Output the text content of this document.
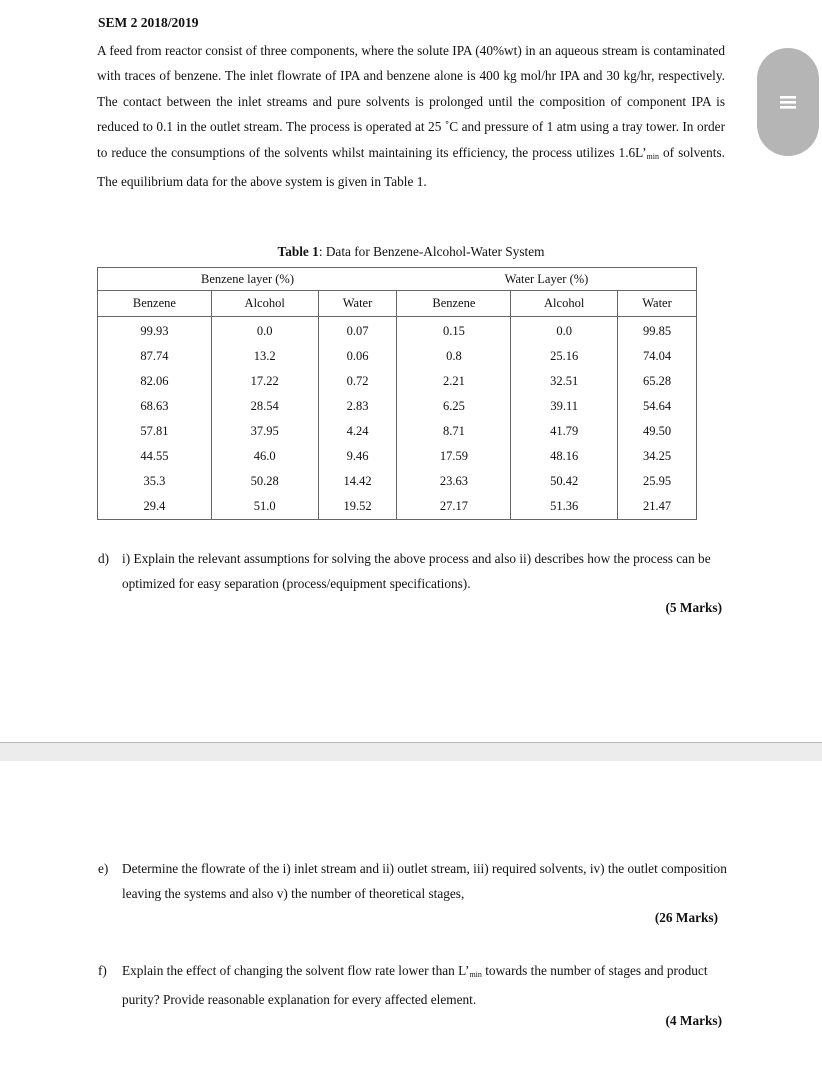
SEM 2 2018/2019

A feed from reactor consist of three components, where the solute IPA (40%wt) in an aqueous stream is contaminated with traces of benzene. The inlet flowrate of IPA and benzene alone is 400 kg mol/hr IPA and 30 kg/hr, respectively. The contact between the inlet streams and pure solvents is prolonged until the composition of component IPA is reduced to 0.1 in the outlet stream. The process is operated at 25 ˚C and pressure of 1 atm using a tray tower. In order to reduce the consumptions of the solvents whilst maintaining its efficiency, the process utilizes $1.6L’_{min}$ of solvents. The equilibrium data for the above system is given in Table 1.

Table 1: Data for Benzene-Alcohol-Water System
Benzene layer (%)			Water Layer (%)		
Benzene	Alcohol	Water	Benzene	Alcohol	Water
99.93	0.0	0.07	0.15	0.0	99.85
87.74	13.2	0.06	0.8	25.16	74.04
82.06	17.22	0.72	2.21	32.51	65.28
68.63	28.54	2.83	6.25	39.11	54.64
57.81	37.95	4.24	8.71	41.79	49.50
44.55	46.0	9.46	17.59	48.16	34.25
35.3	50.28	14.42	23.63	50.42	25.95
29.4	51.0	19.52	27.17	51.36	21.47
d) i) Explain the relevant assumptions for solving the above process and also ii) describes how the process can be optimized for easy separation (process/equipment specifications).
(5 Marks)
e)	Determine the flowrate of the i) inlet stream and ii) outlet stream, iii) required solvents, iv) the outlet composition leaving the systems and also v) the number of theoretical stages,
(26 Marks)
f)	Explain the effect of changing the solvent flow rate lower than $L’_{min}$ towards the number of stages and product purity? Provide reasonable explanation for every affected element.
(4 Marks)
